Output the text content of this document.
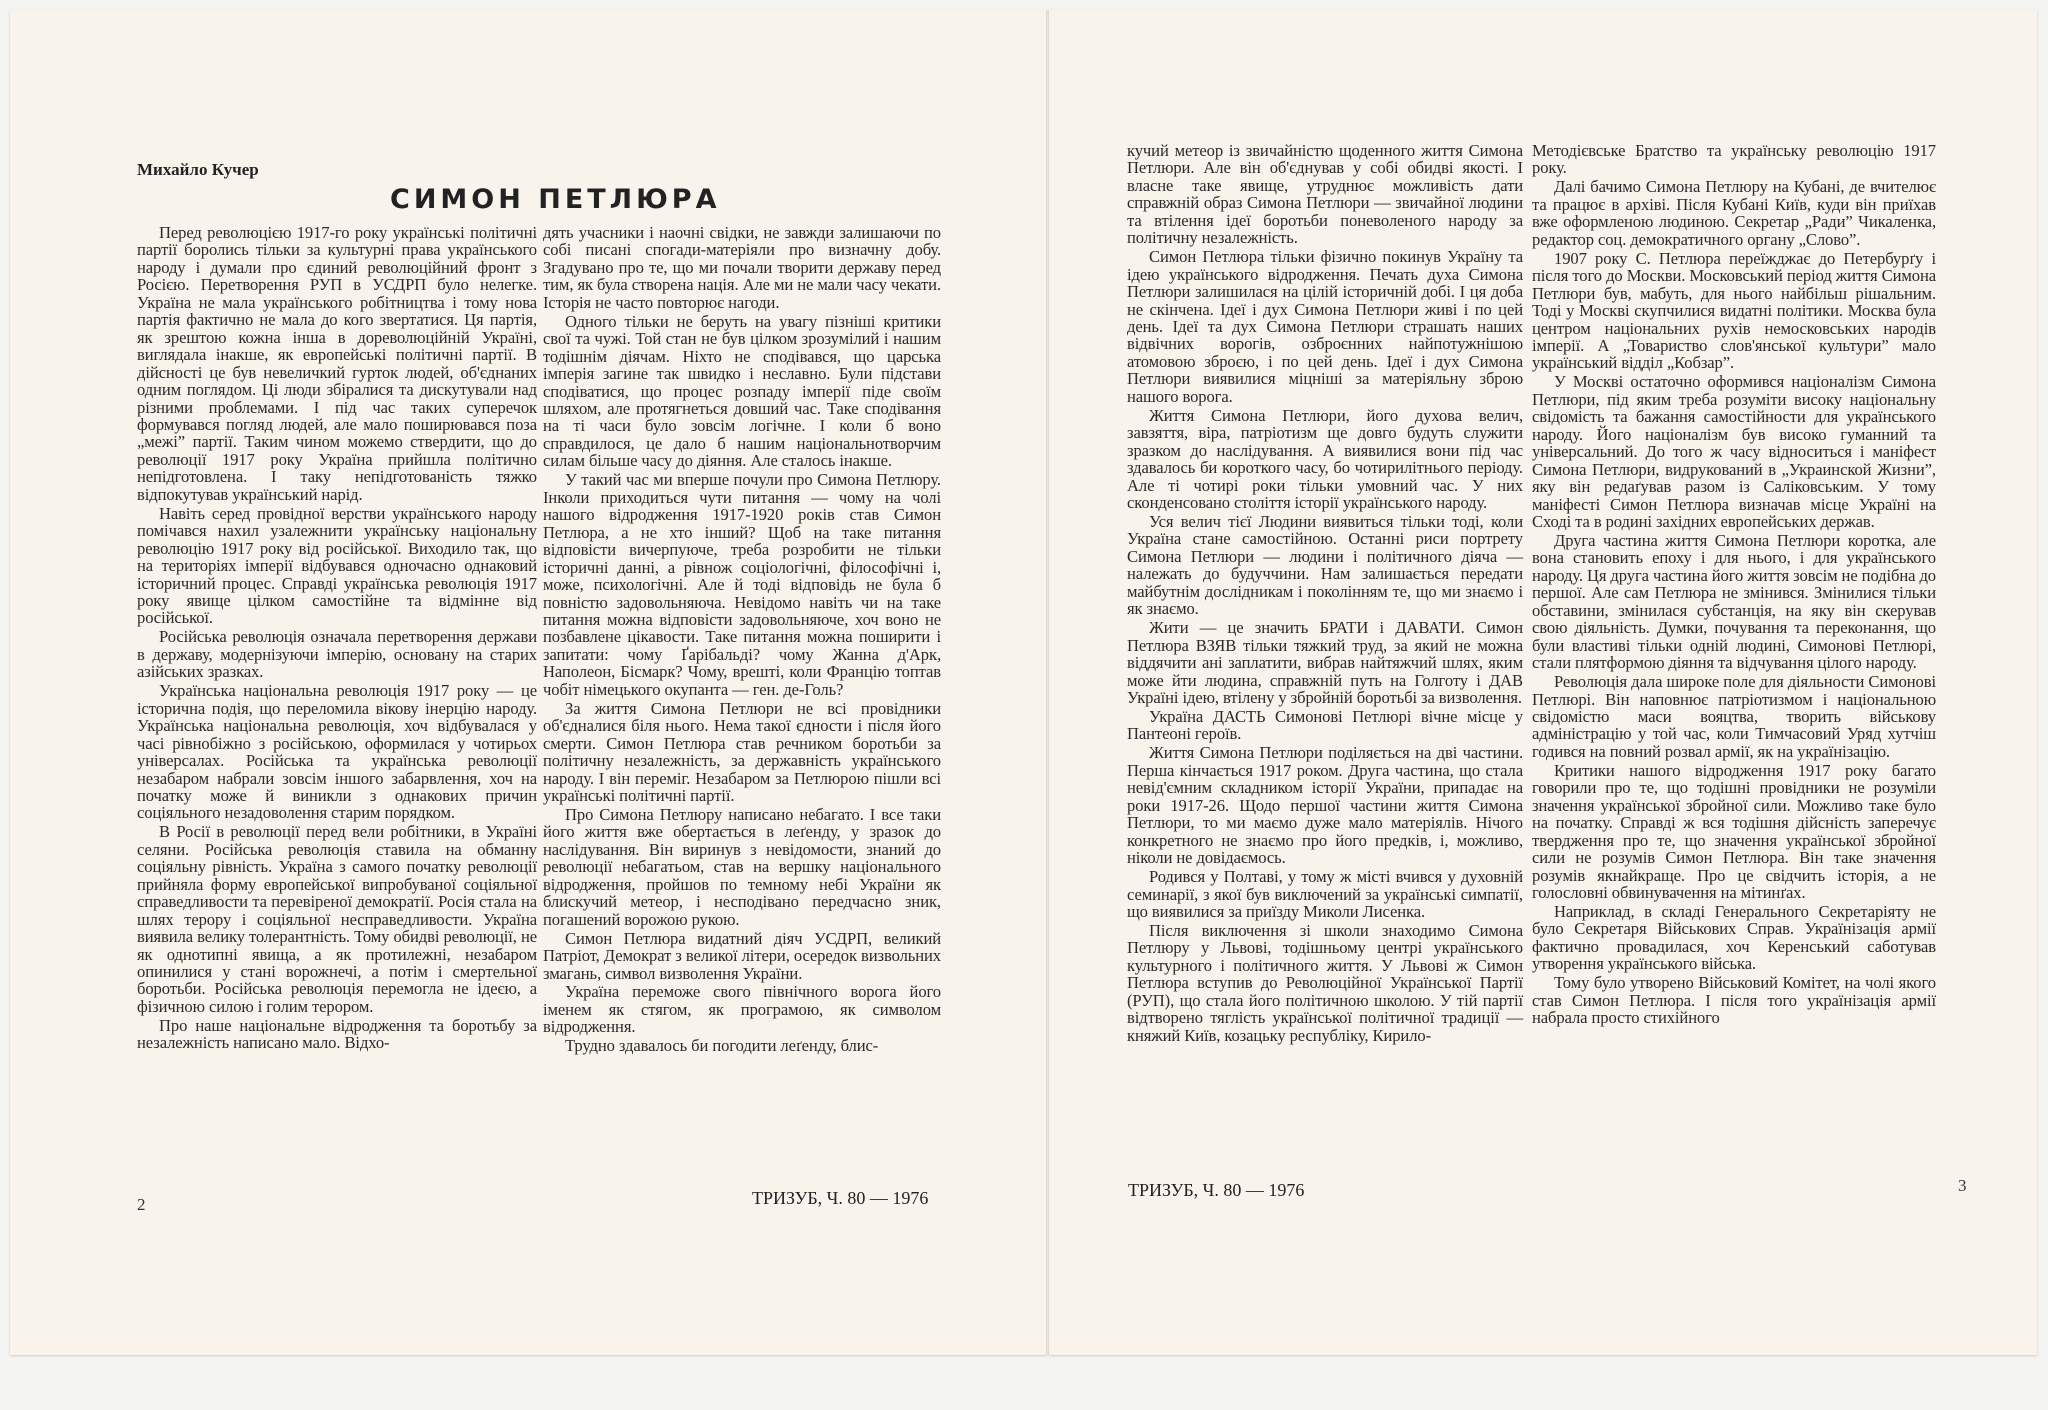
Михайло Кучер
СИМОН ПЕТЛЮРА

Перед революцією 1917-го року українські політичні партії боролись тільки за культурні права українського народу і думали про єдиний революційний фронт з Росією. Перетворення РУП в УСДРП було нелегке. Україна не мала українського робітництва і тому нова партія фактично не мала до кого звертатися. Ця партія, як зрештою кожна інша в дореволюційній Україні, виглядала інакше, як европейські політичні партії. В дійсності це був невеличкий гурток людей, об'єднаних одним поглядом. Ці люди збіралися та дискутували над різними проблемами. І під час таких суперечок формувався погляд людей, але мало поширювався поза „межі” партії. Таким чином можемо ствердити, що до революції 1917 року Україна прийшла політично непідготовлена. І таку непідготованість тяжко відпокутував український нарід.

Навіть серед провідної верстви українського народу помічався нахил узалежнити українську національну революцію 1917 року від російської. Виходило так, що на територіях імперії відбувався одночасно однаковий історичний процес. Справді українська революція 1917 року явище цілком самостійне та відмінне від російської.

Російська революція означала перетворення держави в державу, модернізуючи імперію, основану на старих азійських зразках.

Українська національна революція 1917 року — це історична подія, що переломила вікову інерцію народу. Українська національна революція, хоч відбувалася у часі рівнобіжно з російською, оформилася у чотирьох універсалах. Російська та українська революції незабаром набрали зовсім іншого забарвлення, хоч на початку може й виникли з однакових причин соціяльного незадоволення старим порядком.

В Росії в революції перед вели робітники, в Україні селяни. Російська революція ставила на обманну соціяльну рівність. Україна з самого початку революції прийняла форму европейської випробуваної соціяльної справедливости та перевіреної демократії. Росія стала на шлях терору і соціяльної несправедливости. Україна виявила велику толерантність. Тому обидві революції, не як однотипні явища, а як протилежні, незабаром опинилися у стані ворожнечі, а потім і смертельної боротьби. Російська революція перемогла не ідеєю, а фізичною силою і голим терором.

Про наше національне відродження та боротьбу за незалежність написано мало. Відхо-

дять учасники і наочні свідки, не завжди залишаючи по собі писані спогади-матеріяли про визначну добу. Згадувано про те, що ми почали творити державу перед тим, як була створена нація. Але ми не мали часу чекати. Історія не часто повторює нагоди.

Одного тільки не беруть на увагу пізніші критики свої та чужі. Той стан не був цілком зрозумілий і нашим тодішнім діячам. Ніхто не сподівався, що царська імперія загине так швидко і неславно. Були підстави сподіватися, що процес розпаду імперії піде своїм шляхом, але протягнеться довший час. Таке сподівання на ті часи було зовсім логічне. І коли б воно справдилося, це дало б нашим національнотворчим силам більше часу до діяння. Але сталось інакше.

У такий час ми вперше почули про Симона Петлюру. Інколи приходиться чути питання — чому на чолі нашого відродження 1917-1920 років став Симон Петлюра, а не хто інший? Щоб на таке питання відповісти вичерпуюче, треба розробити не тільки історичні данні, а рівнож соціологічні, філософічні і, може, психологічні. Але й тоді відповідь не була б повністю задовольняюча. Невідомо навіть чи на таке питання можна відповісти задовольняюче, хоч воно не позбавлене цікавости. Таке питання можна поширити і запитати: чому Ґарібальді? чому Жанна д'Арк, Наполеон, Бісмарк? Чому, врешті, коли Францію топтав чобіт німецького окупанта — ген. де-Голь?

За життя Симона Петлюри не всі провідники об'єдналися біля нього. Нема такої єдности і після його смерти. Симон Петлюра став речником боротьби за політичну незалежність, за державність українського народу. І він переміг. Незабаром за Петлюрою пішли всі українські політичні партії.

Про Симона Петлюру написано небагато. І все таки його життя вже обертається в леґенду, у зразок до наслідування. Він виринув з невідомости, знаний до революції небагатьом, став на вершку національного відродження, пройшов по темному небі України як блискучий метеор, і несподівано передчасно зник, погашений ворожою рукою.

Симон Петлюра видатний діяч УСДРП, великий Патріот, Демократ з великої літери, осередок визвольних змагань, символ визволення України.

Україна переможе свого північного ворога його іменем як стягом, як програмою, як символом відродження.

Трудно здавалось би погодити леґенду, блис-

кучий метеор із звичайністю щоденного життя Симона Петлюри. Але він об'єднував у собі обидві якості. І власне таке явище, утруднює можливість дати справжній образ Симона Петлюри — звичайної людини та втілення ідеї боротьби поневоленого народу за політичну незалежність.

Симон Петлюра тільки фізично покинув Україну та ідею українського відродження. Печать духа Симона Петлюри залишилася на цілій історичній добі. І ця доба не скінчена. Ідеї і дух Симона Петлюри живі і по цей день. Ідеї та дух Симона Петлюри страшать наших відвічних ворогів, озброєнних найпотужнішою атомовою зброєю, і по цей день. Ідеї і дух Симона Петлюри виявилися міцніші за матеріяльну зброю нашого ворога.

Життя Симона Петлюри, його духова велич, завзяття, віра, патріотизм ще довго будуть служити зразком до наслідування. А виявилися вони під час здавалось би короткого часу, бо чотирилітнього періоду. Але ті чотирі роки тільки умовний час. У них сконденсовано століття історії українського народу.

Уся велич тієї Людини виявиться тільки тоді, коли Україна стане самостійною. Останні риси портрету Симона Петлюри — людини і політичного діяча — належать до будуччини. Нам залишається передати майбутнім дослідникам і поколінням те, що ми знаємо і як знаємо.

Жити — це значить БРАТИ і ДАВАТИ. Симон Петлюра ВЗЯВ тільки тяжкий труд, за який не можна віддячити ані заплатити, вибрав найтяжчий шлях, яким може йти людина, справжній путь на Голготу і ДАВ Україні ідею, втілену у збройній боротьбі за визволення.

Україна ДАСТЬ Симонові Петлюрі вічне місце у Пантеоні героїв.

Життя Симона Петлюри поділяється на дві частини. Перша кінчається 1917 роком. Друга частина, що стала невід'ємним складником історії України, припадає на роки 1917-26. Щодо першої частини життя Симона Петлюри, то ми маємо дуже мало матеріялів. Нічого конкретного не знаємо про його предків, і, можливо, ніколи не довідаємось.

Родився у Полтаві, у тому ж місті вчився у духовній семинарії, з якої був виключений за українські симпатії, що виявилися за приїзду Миколи Лисенка.

Після виключення зі школи знаходимо Симона Петлюру у Львові, тодішньому центрі українського культурного і політичного життя. У Львові ж Симон Петлюра вступив до Революційної Української Партії (РУП), що стала його політичною школою. У тій партії відтворено тяглість української політичної традиції — княжий Київ, козацьку республіку, Кирило-

Методієвське Братство та українську революцію 1917 року.

Далі бачимо Симона Петлюру на Кубані, де вчителює та працює в архіві. Після Кубані Київ, куди він приїхав вже оформленою людиною. Секретар „Ради” Чикаленка, редактор соц. демократичного органу „Слово”.

1907 року С. Петлюра переїжджає до Петербурґу і після того до Москви. Московський період життя Симона Петлюри був, мабуть, для нього найбільш рішальним. Тоді у Москві скупчилися видатні політики. Москва була центром національних рухів немосковських народів імперії. А „Товариство слов'янської культури” мало український відділ „Кобзар”.

У Москві остаточно оформився націоналізм Симона Петлюри, під яким треба розуміти високу національну свідомість та бажання самостійности для українського народу. Його націоналізм був високо гуманний та універсальний. До того ж часу відноситься і маніфест Симона Петлюри, видрукований в „Украинской Жизни”, яку він редаґував разом із Саліковським. У тому маніфесті Симон Петлюра визначав місце Україні на Сході та в родині західних европейських держав.

Друга частина життя Симона Петлюри коротка, але вона становить епоху і для нього, і для українського народу. Ця друга частина його життя зовсім не подібна до першої. Але сам Петлюра не змінився. Змінилися тільки обставини, змінилася субстанція, на яку він скерував свою діяльність. Думки, почування та переконання, що були властиві тільки одній людині, Симонові Петлюрі, стали плятформою діяння та відчування цілого народу.

Революція дала широке поле для діяльности Симонові Петлюрі. Він наповнює патріотизмом і національною свідомістю маси вояцтва, творить військову адміністрацію у той час, коли Тимчасовий Уряд хутчіш годився на повний розвал армії, як на українізацію.

Критики нашого відродження 1917 року багато говорили про те, що тодішні провідники не розуміли значення української збройної сили. Можливо таке було на початку. Справді ж вся тодішня дійсність заперечує твердження про те, що значення української збройної сили не розумів Симон Петлюра. Він таке значення розумів якнайкраще. Про це свідчить історія, а не голословні обвинувачення на мітинґах.

Наприклад, в складі Генерального Секретаріяту не було Секретаря Військових Справ. Українізація армії фактично провадилася, хоч Керенський саботував утворення українського війська.

Тому було утворено Військовий Комітет, на чолі якого став Симон Петлюра. І після того українізація армії набрала просто стихійного

2	ТРИЗУБ, Ч. 80 — 1976	ТРИЗУБ, Ч. 80 — 1976	3
